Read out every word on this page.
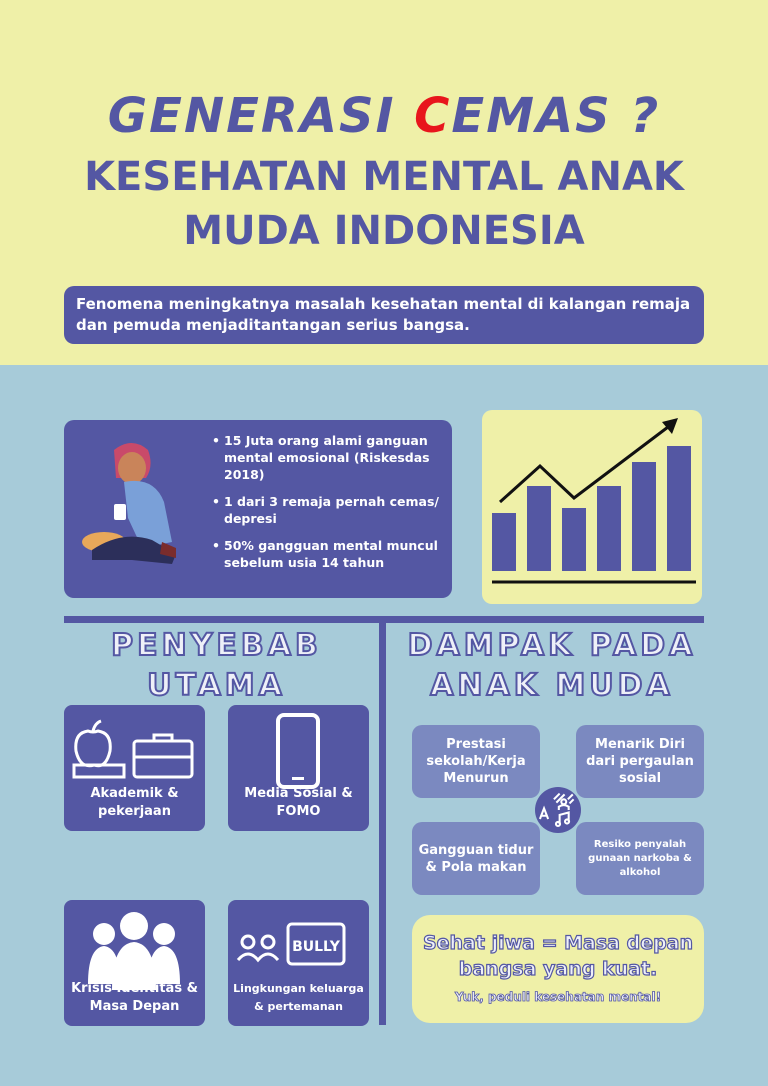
GENERASI CEMAS ?
KESEHATAN MENTAL ANAK MUDA INDONESIA
Fenomena meningkatnya masalah kesehatan mental di kalangan remaja dan pemuda menjaditantangan serius bangsa.
• 15 Juta orang alami ganguan mental emosional (Riskesdas 2018)
• 1 dari 3 remaja pernah cemas/ depresi
• 50% gangguan mental muncul sebelum usia 14 tahun
PENYEBAB UTAMA
Akademik & pekerjaan
Media Sosial & FOMO
Krisis Identitas & Masa Depan
BULLY
Lingkungan keluarga & pertemanan
DAMPAK PADA ANAK MUDA
Prestasi sekolah/Kerja Menurun
Menarik Diri dari pergaulan sosial
Gangguan tidur & Pola makan
Resiko penyalah gunaan narkoba & alkohol
Sehat jiwa = Masa depan bangsa yang kuat.
Yuk, peduli kesehatan mental!
